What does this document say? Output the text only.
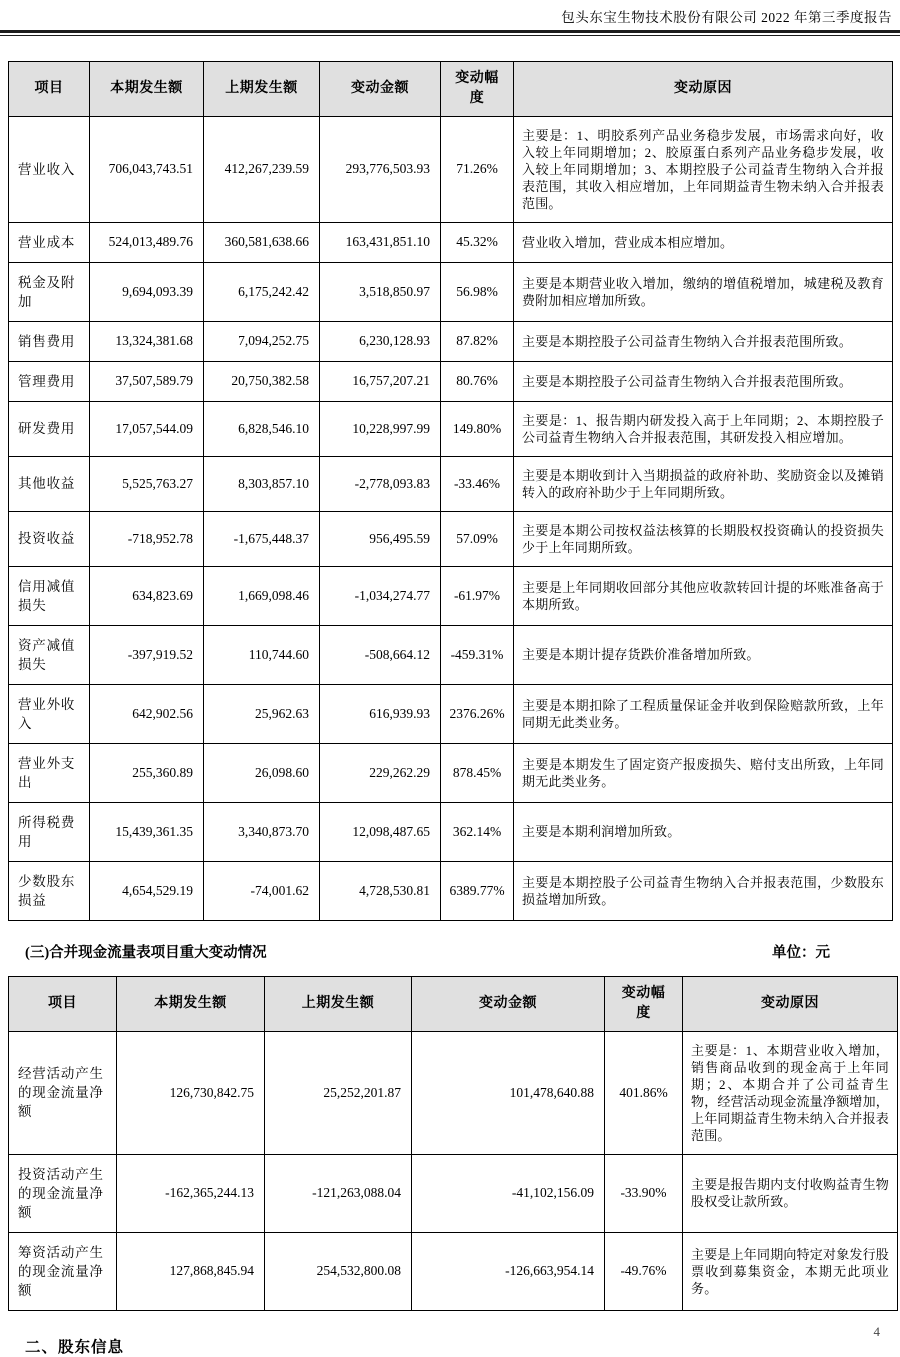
包头东宝生物技术股份有限公司 2022 年第三季度报告
项目	本期发生额	上期发生额	变动金额	变动幅度	变动原因
营业收入	706,043,743.51	412,267,239.59	293,776,503.93	71.26%	主要是：1、明胶系列产品业务稳步发展，市场需求向好，收入较上年同期增加；2、胶原蛋白系列产品业务稳步发展，收入较上年同期增加；3、本期控股子公司益青生物纳入合并报表范围，其收入相应增加，上年同期益青生物未纳入合并报表范围。
营业成本	524,013,489.76	360,581,638.66	163,431,851.10	45.32%	营业收入增加，营业成本相应增加。
税金及附加	9,694,093.39	6,175,242.42	3,518,850.97	56.98%	主要是本期营业收入增加，缴纳的增值税增加，城建税及教育费附加相应增加所致。
销售费用	13,324,381.68	7,094,252.75	6,230,128.93	87.82%	主要是本期控股子公司益青生物纳入合并报表范围所致。
管理费用	37,507,589.79	20,750,382.58	16,757,207.21	80.76%	主要是本期控股子公司益青生物纳入合并报表范围所致。
研发费用	17,057,544.09	6,828,546.10	10,228,997.99	149.80%	主要是：1、报告期内研发投入高于上年同期；2、本期控股子公司益青生物纳入合并报表范围，其研发投入相应增加。
其他收益	5,525,763.27	8,303,857.10	-2,778,093.83	-33.46%	主要是本期收到计入当期损益的政府补助、奖励资金以及摊销转入的政府补助少于上年同期所致。
投资收益	-718,952.78	-1,675,448.37	956,495.59	57.09%	主要是本期公司按权益法核算的长期股权投资确认的投资损失少于上年同期所致。
信用减值损失	634,823.69	1,669,098.46	-1,034,274.77	-61.97%	主要是上年同期收回部分其他应收款转回计提的坏账准备高于本期所致。
资产减值损失	-397,919.52	110,744.60	-508,664.12	-459.31%	主要是本期计提存货跌价准备增加所致。
营业外收入	642,902.56	25,962.63	616,939.93	2376.26%	主要是本期扣除了工程质量保证金并收到保险赔款所致，上年同期无此类业务。
营业外支出	255,360.89	26,098.60	229,262.29	878.45%	主要是本期发生了固定资产报废损失、赔付支出所致，上年同期无此类业务。
所得税费用	15,439,361.35	3,340,873.70	12,098,487.65	362.14%	主要是本期利润增加所致。
少数股东损益	4,654,529.19	-74,001.62	4,728,530.81	6389.77%	主要是本期控股子公司益青生物纳入合并报表范围，少数股东损益增加所致。
(三)合并现金流量表项目重大变动情况	单位：元
项目	本期发生额	上期发生额	变动金额	变动幅度	变动原因
经营活动产生的现金流量净额	126,730,842.75	25,252,201.87	101,478,640.88	401.86%	主要是：1、本期营业收入增加，销售商品收到的现金高于上年同期；2、本期合并了公司益青生物，经营活动现金流量净额增加，上年同期益青生物未纳入合并报表范围。
投资活动产生的现金流量净额	-162,365,244.13	-121,263,088.04	-41,102,156.09	-33.90%	主要是报告期内支付收购益青生物股权受让款所致。
筹资活动产生的现金流量净额	127,868,845.94	254,532,800.08	-126,663,954.14	-49.76%	主要是上年同期向特定对象发行股票收到募集资金，本期无此项业务。
二、股东信息
4
